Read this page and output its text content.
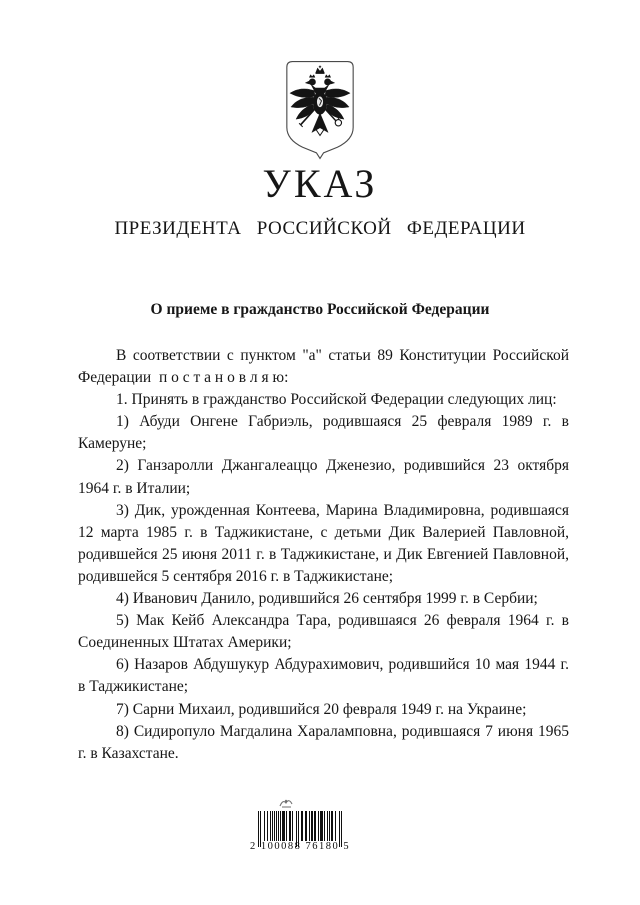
УКАЗ
ПРЕЗИДЕНТА РОССИЙСКОЙ ФЕДЕРАЦИИ
О приеме в гражданство Российской Федерации

В соответствии с пунктом "а" статьи 89 Конституции Российской Федерации  п о с т а н о в л я ю:

1. Принять в гражданство Российской Федерации следующих лиц:

1) Абуди Онгене Габриэль, родившаяся 25 февраля 1989 г. в Камеруне;

2) Ганзаролли Джангалеаццо Дженезио, родившийся 23 октября 1964 г. в Италии;

3) Дик, урожденная Контеева, Марина Владимировна, родившаяся 12 марта 1985 г. в Таджикистане, с детьми Дик Валерией Павловной, родившейся 25 июня 2011 г. в Таджикистане, и Дик Евгенией Павловной, родившейся 5 сентября 2016 г. в Таджикистане;

4) Иванович Данило, родившийся 26 сентября 1999 г. в Сербии;

5) Мак Кейб Александра Тара, родившаяся 26 февраля 1964 г. в Соединенных Штатах Америки;

6) Назаров Абдушукур Абдурахимович, родившийся 10 мая 1944 г. в Таджикистане;

7) Сарни Михаил, родившийся 20 февраля 1949 г. на Украине;

8) Сидиропуло Магдалина Хараламповна, родившаяся 7 июня 1965 г. в Казахстане.

2 100088 76180 5
